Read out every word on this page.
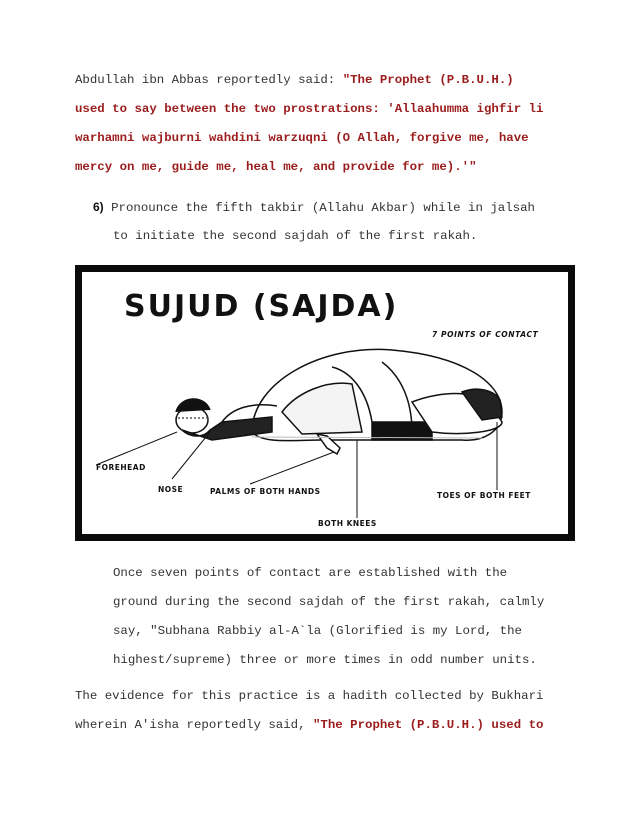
Abdullah ibn Abbas reportedly said: "The Prophet (P.B.U.H.)
used to say between the two prostrations: 'Allaahumma ighfir li
warhamni wajburni wahdini warzuqni (O Allah, forgive me, have
mercy on me, guide me, heal me, and provide for me).'"
6) Pronounce the fifth takbir (Allahu Akbar) while in jalsah
to initiate the second sajdah of the first rakah.
SUJUD (SAJDA)
7 POINTS OF CONTACT
FOREHEAD
NOSE	PALMS OF BOTH HANDS
BOTH KNEES
TOES OF BOTH FEET
Once seven points of contact are established with the
ground during the second sajdah of the first rakah, calmly
say, "Subhana Rabbiy al-A`la (Glorified is my Lord, the
highest/supreme) three or more times in odd number units.
The evidence for this practice is a hadith collected by Bukhari
wherein A'isha reportedly said, "The Prophet (P.B.U.H.) used to
